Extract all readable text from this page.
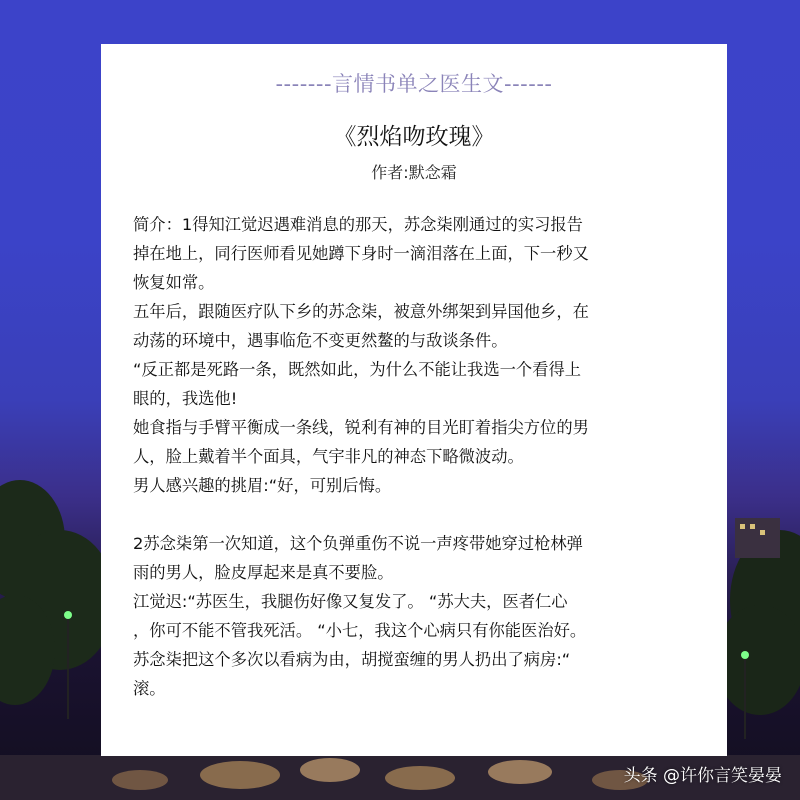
-------言情书单之医生文------
《烈焰吻玫瑰》
作者:默念霜
简介：1得知江觉迟遇难消息的那天，苏念柒刚通过的实习报告
掉在地上，同行医师看见她蹲下身时一滴泪落在上面，下一秒又
恢复如常。
五年后，跟随医疗队下乡的苏念柒，被意外绑架到异国他乡，在
动荡的环境中，遇事临危不变更然鳌的与敌谈条件。
“反正都是死路一条，既然如此，为什么不能让我选一个看得上
眼的，我选他!
她食指与手臂平衡成一条线，锐利有神的目光盯着指尖方位的男
人，脸上戴着半个面具，气宇非凡的神态下略微波动。
男人感兴趣的挑眉:“好，可别后悔。
2苏念柒第一次知道，这个负弹重伤不说一声疼带她穿过枪林弹
雨的男人，脸皮厚起来是真不要脸。
江觉迟:“苏医生，我腿伤好像又复发了。 “苏大夫，医者仁心
，你可不能不管我死活。 “小七，我这个心病只有你能医治好。
苏念柒把这个多次以看病为由，胡搅蛮缠的男人扔出了病房:“
滚。
头条 @许你言笑晏晏
